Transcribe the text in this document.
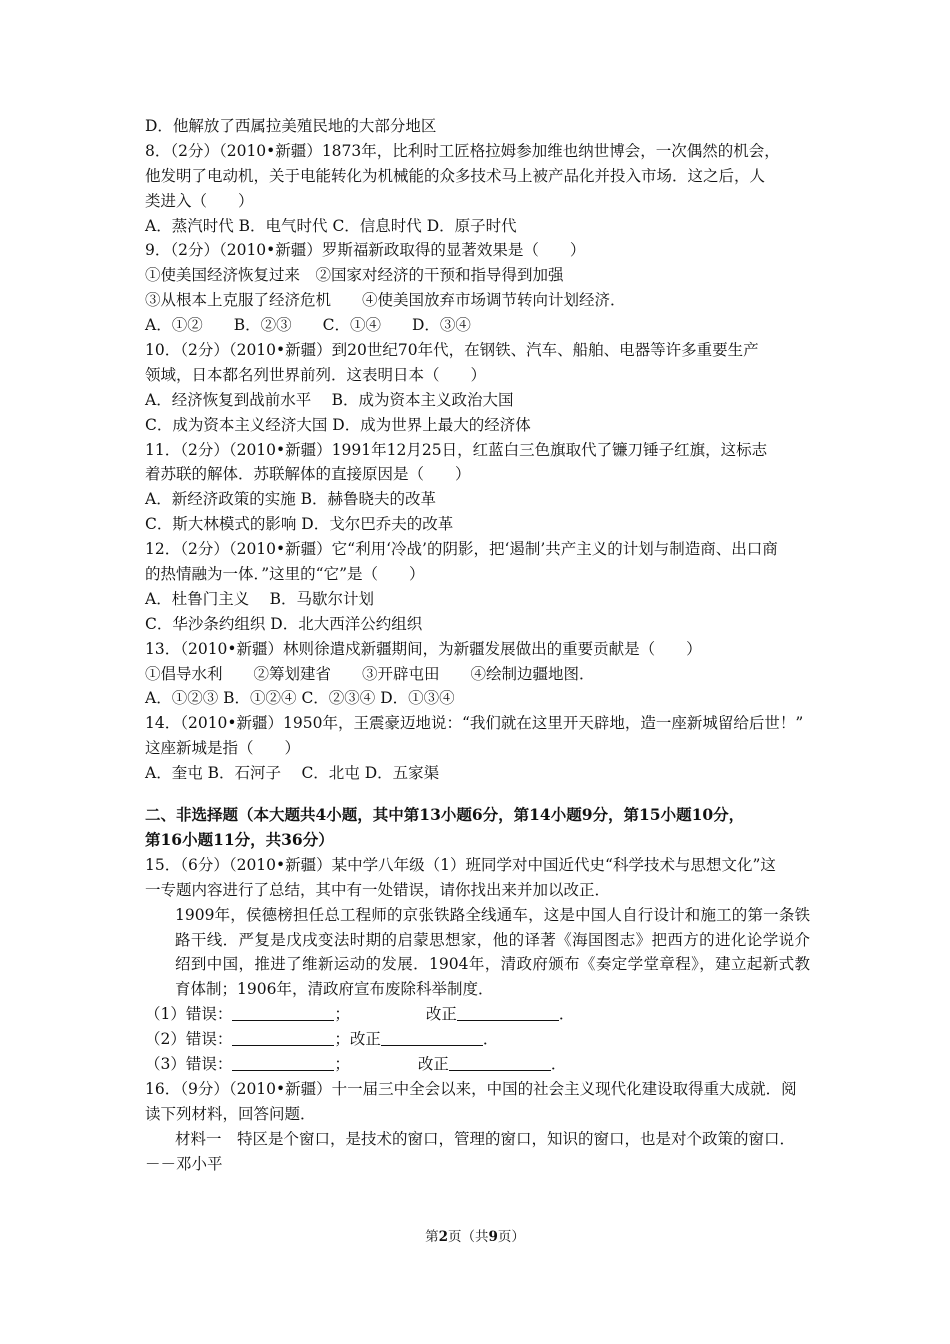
D．他解放了西属拉美殖民地的大部分地区
8．（2分）（2010•新疆）1873年，比利时工匠格拉姆参加维也纳世博会，一次偶然的机会，
他发明了电动机，关于电能转化为机械能的众多技术马上被产品化并投入市场．这之后，人
类进入（　　）
A．蒸汽时代 B．电气时代 C．信息时代 D．原子时代
9．（2分）（2010•新疆）罗斯福新政取得的显著效果是（　　）
①使美国经济恢复过来　②国家对经济的干预和指导得到加强
③从根本上克服了经济危机　　④使美国放弃市场调节转向计划经济．
A．①②　　B．②③　　C．①④　　D．③④
10．（2分）（2010•新疆）到20世纪70年代，在钢铁、汽车、船舶、电器等许多重要生产
领域，日本都名列世界前列．这表明日本（　　）
A．经济恢复到战前水平　 B．成为资本主义政治大国
C．成为资本主义经济大国 D．成为世界上最大的经济体
11．（2分）（2010•新疆）1991年12月25日，红蓝白三色旗取代了镰刀锤子红旗，这标志
着苏联的解体．苏联解体的直接原因是（　　）
A．新经济政策的实施 B．赫鲁晓夫的改革
C．斯大林模式的影响 D．戈尔巴乔夫的改革
12．（2分）（2010•新疆）它“利用‘冷战’的阴影，把‘遏制’共产主义的计划与制造商、出口商
的热情融为一体．”这里的“它”是（　　）
A．杜鲁门主义　 B．马歇尔计划
C．华沙条约组织 D．北大西洋公约组织
13．（2010•新疆）林则徐遣戍新疆期间，为新疆发展做出的重要贡献是（　　）
①倡导水利　　②筹划建省　　③开辟屯田　　④绘制边疆地图．
A．①②③ B．①②④ C．②③④ D．①③④
14．（2010•新疆）1950年，王震豪迈地说：“我们就在这里开天辟地，造一座新城留给后世！”
这座新城是指（　　）
A．奎屯 B．石河子　 C．北屯 D．五家渠
二、非选择题（本大题共4小题，其中第13小题6分，第14小题9分，第15小题10分，
第16小题11分，共36分）
15．（6分）（2010•新疆）某中学八年级（1）班同学对中国近代史“科学技术与思想文化”这
一专题内容进行了总结，其中有一处错误，请你找出来并加以改正．
1909年，侯德榜担任总工程师的京张铁路全线通车，这是中国人自行设计和施工的第一条铁路干线．严复是戊戌变法时期的启蒙思想家，他的译著《海国图志》把西方的进化论学说介绍到中国，推进了维新运动的发展．1904年，清政府颁布《奏定学堂章程》，建立起新式教育体制；1906年，清政府宣布废除科举制度．
（1）错误：	；	改正	．
（2）错误：	；改正	．
（3）错误：	；	改正	．
16．（9分）（2010•新疆）十一届三中全会以来，中国的社会主义现代化建设取得重大成就．阅
读下列材料，回答问题．
材料一　特区是个窗口，是技术的窗口，管理的窗口，知识的窗口，也是对个政策的窗口．
－－邓小平
第2页（共9页）
